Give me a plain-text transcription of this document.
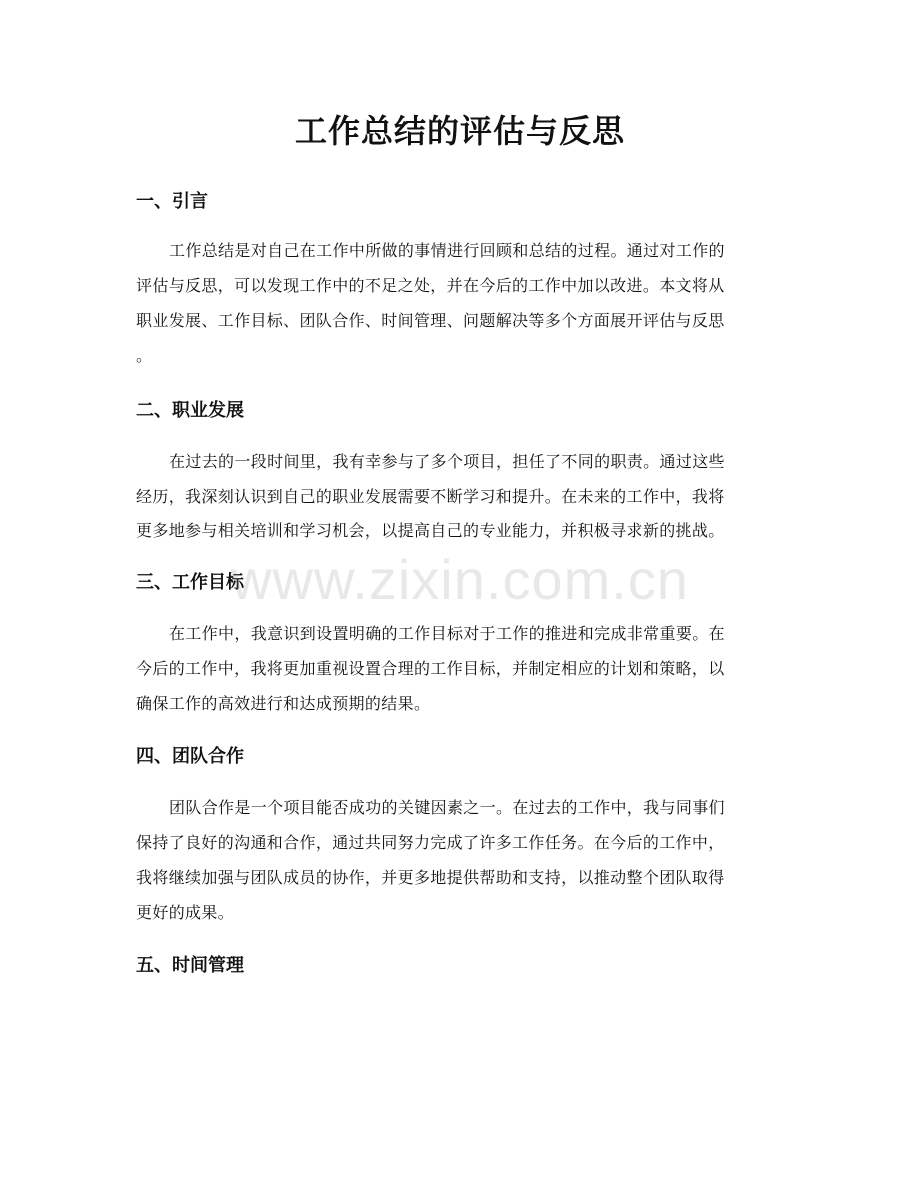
工作总结的评估与反思
一、引言
工作总结是对自己在工作中所做的事情进行回顾和总结的过程。通过对工作的
评估与反思，可以发现工作中的不足之处，并在今后的工作中加以改进。本文将从
职业发展、工作目标、团队合作、时间管理、问题解决等多个方面展开评估与反思
。
二、职业发展
在过去的一段时间里，我有幸参与了多个项目，担任了不同的职责。通过这些
经历，我深刻认识到自己的职业发展需要不断学习和提升。在未来的工作中，我将
更多地参与相关培训和学习机会，以提高自己的专业能力，并积极寻求新的挑战。
三、工作目标
在工作中，我意识到设置明确的工作目标对于工作的推进和完成非常重要。在
今后的工作中，我将更加重视设置合理的工作目标，并制定相应的计划和策略，以
确保工作的高效进行和达成预期的结果。
四、团队合作
团队合作是一个项目能否成功的关键因素之一。在过去的工作中，我与同事们
保持了良好的沟通和合作，通过共同努力完成了许多工作任务。在今后的工作中，
我将继续加强与团队成员的协作，并更多地提供帮助和支持，以推动整个团队取得
更好的成果。
五、时间管理
www.zixin.com.cn
